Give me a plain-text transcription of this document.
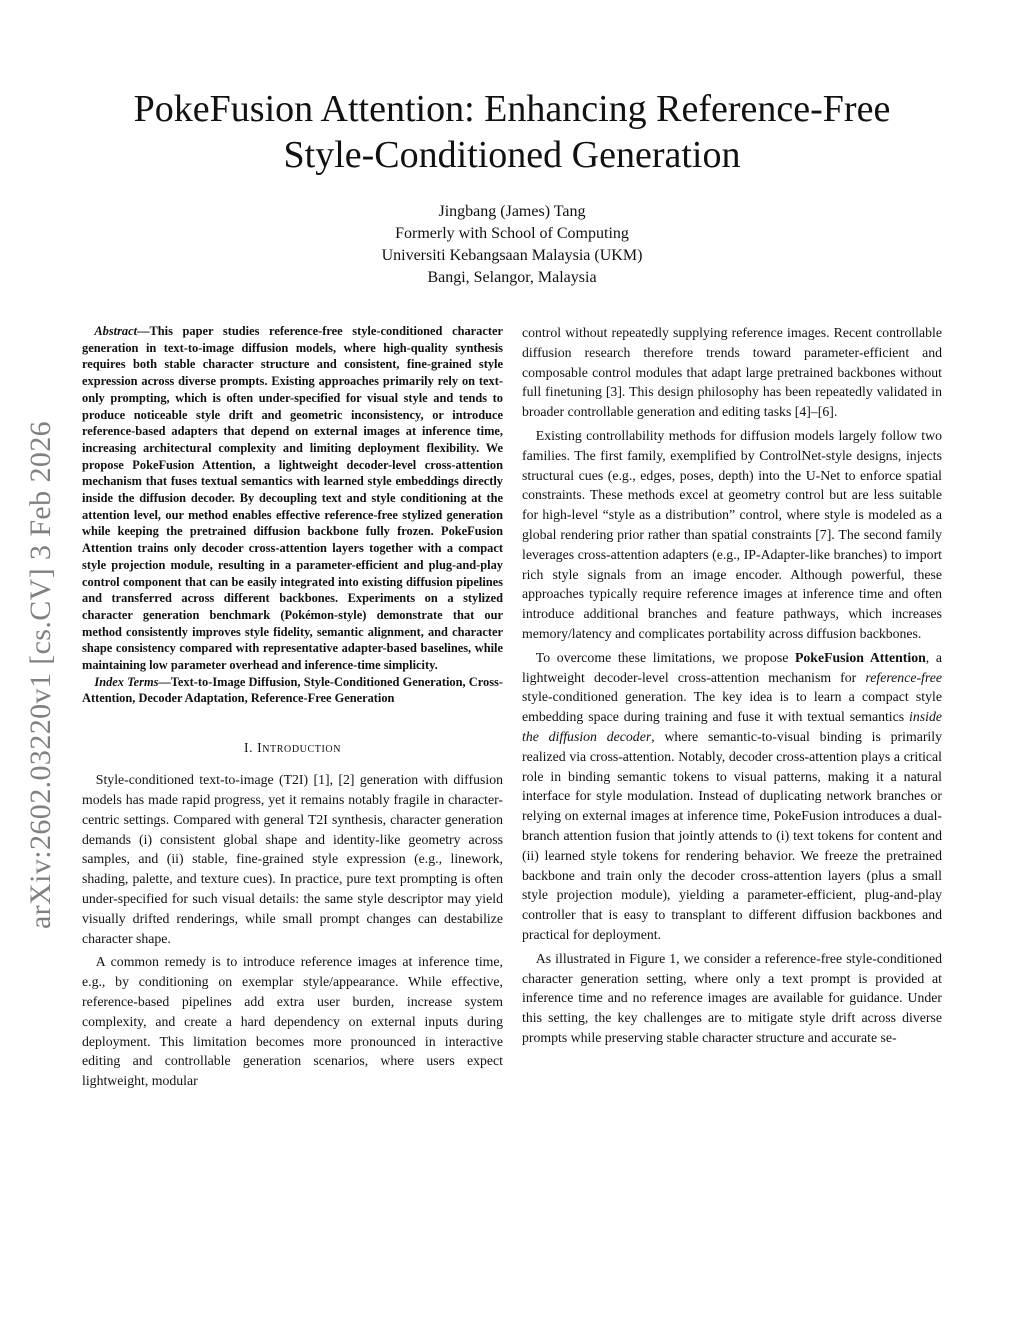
arXiv:2602.03220v1 [cs.CV] 3 Feb 2026
PokeFusion Attention: Enhancing Reference-Free
Style-Conditioned Generation
Jingbang (James) Tang
Formerly with School of Computing
Universiti Kebangsaan Malaysia (UKM)
Bangi, Selangor, Malaysia

Abstract—This paper studies reference-free style-conditioned character generation in text-to-image diffusion models, where high-quality synthesis requires both stable character structure and consistent, fine-grained style expression across diverse prompts. Existing approaches primarily rely on text-only prompting, which is often under-specified for visual style and tends to produce noticeable style drift and geometric inconsistency, or introduce reference-based adapters that depend on external images at inference time, increasing architectural complexity and limiting deployment flexibility. We propose PokeFusion Attention, a lightweight decoder-level cross-attention mechanism that fuses textual semantics with learned style embeddings directly inside the diffusion decoder. By decoupling text and style conditioning at the attention level, our method enables effective reference-free stylized generation while keeping the pretrained diffusion backbone fully frozen. PokeFusion Attention trains only decoder cross-attention layers together with a compact style projection module, resulting in a parameter-efficient and plug-and-play control component that can be easily integrated into existing diffusion pipelines and transferred across different backbones. Experiments on a stylized character generation benchmark (Pokémon-style) demonstrate that our method consistently improves style fidelity, semantic alignment, and character shape consistency compared with representative adapter-based baselines, while maintaining low parameter overhead and inference-time simplicity.

Index Terms—Text-to-Image Diffusion, Style-Conditioned Generation, Cross-Attention, Decoder Adaptation, Reference-Free Generation

I. Introduction

Style-conditioned text-to-image (T2I) [1], [2] generation with diffusion models has made rapid progress, yet it remains notably fragile in character-centric settings. Compared with general T2I synthesis, character generation demands (i) consistent global shape and identity-like geometry across samples, and (ii) stable, fine-grained style expression (e.g., linework, shading, palette, and texture cues). In practice, pure text prompting is often under-specified for such visual details: the same style descriptor may yield visually drifted renderings, while small prompt changes can destabilize character shape.

A common remedy is to introduce reference images at inference time, e.g., by conditioning on exemplar style/appearance. While effective, reference-based pipelines add extra user burden, increase system complexity, and create a hard dependency on external inputs during deployment. This limitation becomes more pronounced in interactive editing and controllable generation scenarios, where users expect lightweight, modular

control without repeatedly supplying reference images. Recent controllable diffusion research therefore trends toward parameter-efficient and composable control modules that adapt large pretrained backbones without full finetuning [3]. This design philosophy has been repeatedly validated in broader controllable generation and editing tasks [4]–[6].

Existing controllability methods for diffusion models largely follow two families. The first family, exemplified by ControlNet-style designs, injects structural cues (e.g., edges, poses, depth) into the U-Net to enforce spatial constraints. These methods excel at geometry control but are less suitable for high-level “style as a distribution” control, where style is modeled as a global rendering prior rather than spatial constraints [7]. The second family leverages cross-attention adapters (e.g., IP-Adapter-like branches) to import rich style signals from an image encoder. Although powerful, these approaches typically require reference images at inference time and often introduce additional branches and feature pathways, which increases memory/latency and complicates portability across diffusion backbones.

To overcome these limitations, we propose PokeFusion Attention, a lightweight decoder-level cross-attention mechanism for reference-free style-conditioned generation. The key idea is to learn a compact style embedding space during training and fuse it with textual semantics inside the diffusion decoder, where semantic-to-visual binding is primarily realized via cross-attention. Notably, decoder cross-attention plays a critical role in binding semantic tokens to visual patterns, making it a natural interface for style modulation. Instead of duplicating network branches or relying on external images at inference time, PokeFusion introduces a dual-branch attention fusion that jointly attends to (i) text tokens for content and (ii) learned style tokens for rendering behavior. We freeze the pretrained backbone and train only the decoder cross-attention layers (plus a small style projection module), yielding a parameter-efficient, plug-and-play controller that is easy to transplant to different diffusion backbones and practical for deployment.

As illustrated in Figure 1, we consider a reference-free style-conditioned character generation setting, where only a text prompt is provided at inference time and no reference images are available for guidance. Under this setting, the key challenges are to mitigate style drift across diverse prompts while preserving stable character structure and accurate se-
